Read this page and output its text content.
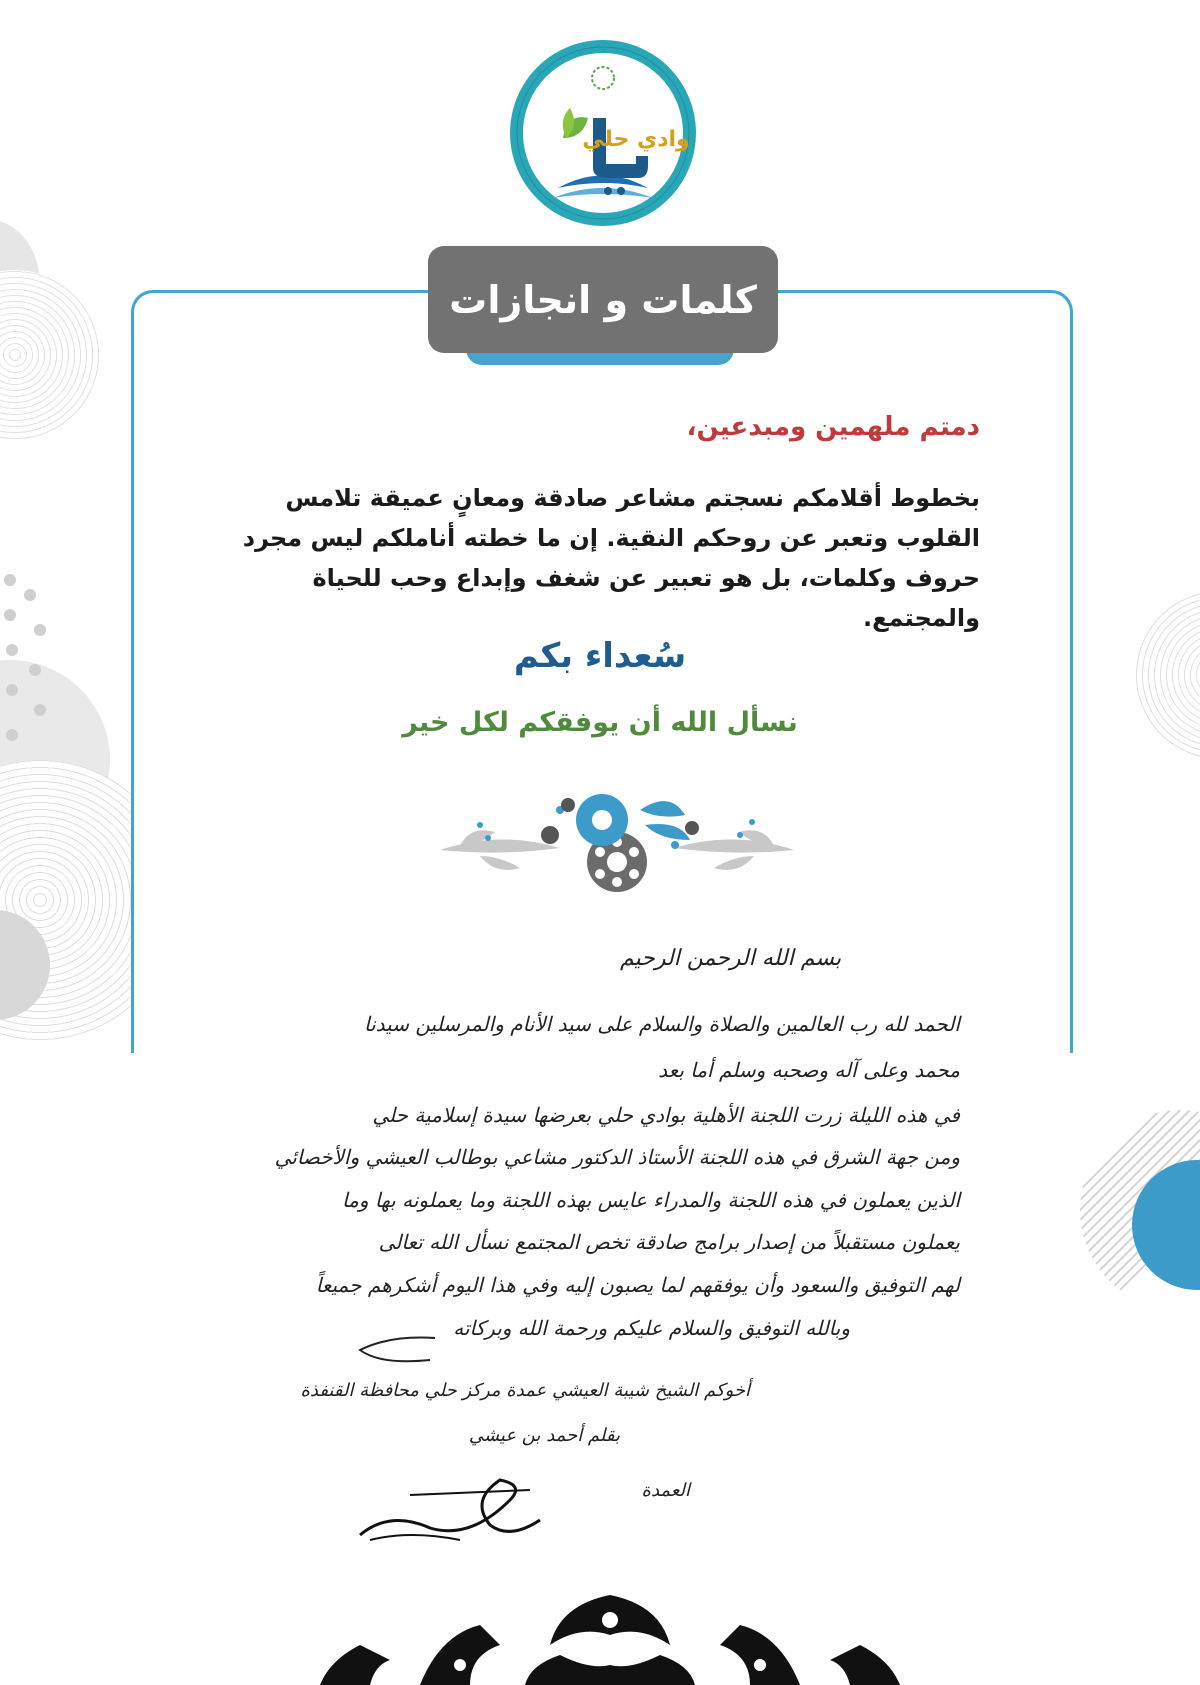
وادي حلي
كلمات و انجازات
دمتم ملهمين ومبدعين،
بخطوط أقلامكم نسجتم مشاعر صادقة ومعانٍ عميقة تلامس القلوب وتعبر عن روحكم النقية. إن ما خطته أناملكم ليس مجرد حروف وكلمات، بل هو تعبير عن شغف وإبداع وحب للحياة والمجتمع.
سُعداء بكم
نسأل الله أن يوفقكم لكل خير
بسم الله الرحمن الرحيم
الحمد لله رب العالمين والصلاة والسلام على سيد الأنام والمرسلين سيدنا
محمد وعلى آله وصحبه وسلم أما بعد
في هذه الليلة زرت اللجنة الأهلية بوادي حلي بعرضها سيدة إسلامية حلي
ومن جهة الشرق في هذه اللجنة الأستاذ الدكتور مشاعي بوطالب العيشي والأخصائي
الذين يعملون في هذه اللجنة والمدراء عايس بهذه اللجنة وما يعملونه بها وما
يعملون مستقبلاً من إصدار برامج صادقة تخص المجتمع نسأل الله تعالى
لهم التوفيق والسعود وأن يوفقهم لما يصبون إليه وفي هذا اليوم أشكرهم جميعاً
وبالله التوفيق والسلام عليكم ورحمة الله وبركاته
أخوكم الشيخ شيبة العيشي عمدة مركز حلي محافظة القنفذة
بقلم أحمد بن عيشي
العمدة
